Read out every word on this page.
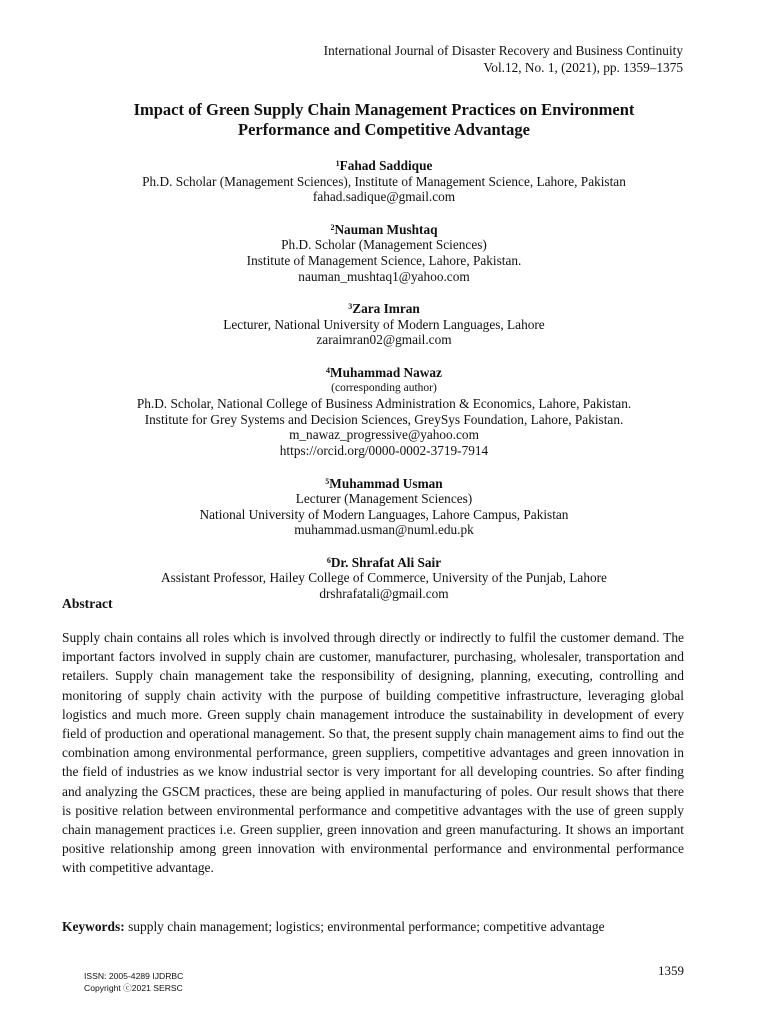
International Journal of Disaster Recovery and Business Continuity
Vol.12, No. 1, (2021), pp. 1359–1375
Impact of Green Supply Chain Management Practices on Environment
Performance and Competitive Advantage
$^1$Fahad Saddique
Ph.D. Scholar (Management Sciences), Institute of Management Science, Lahore, Pakistan
fahad.sadique@gmail.com
$^2$Nauman Mushtaq
Ph.D. Scholar (Management Sciences)
Institute of Management Science, Lahore, Pakistan.
nauman_mushtaq1@yahoo.com
$^3$Zara Imran
Lecturer, National University of Modern Languages, Lahore
zaraimran02@gmail.com
$^4$Muhammad Nawaz
(corresponding author)
Ph.D. Scholar, National College of Business Administration & Economics, Lahore, Pakistan.
Institute for Grey Systems and Decision Sciences, GreySys Foundation, Lahore, Pakistan.
m_nawaz_progressive@yahoo.com
https://orcid.org/0000-0002-3719-7914
$^5$Muhammad Usman
Lecturer (Management Sciences)
National University of Modern Languages, Lahore Campus, Pakistan
muhammad.usman@numl.edu.pk
$^6$Dr. Shrafat Ali Sair
Assistant Professor, Hailey College of Commerce, University of the Punjab, Lahore
drshrafatali@gmail.com
Abstract
Supply chain contains all roles which is involved through directly or indirectly to fulfil the customer demand. The important factors involved in supply chain are customer, manufacturer, purchasing, wholesaler, transportation and retailers. Supply chain management take the responsibility of designing, planning, executing, controlling and monitoring of supply chain activity with the purpose of building competitive infrastructure, leveraging global logistics and much more. Green supply chain management introduce the sustainability in development of every field of production and operational management. So that, the present supply chain management aims to find out the combination among environmental performance, green suppliers, competitive advantages and green innovation in the field of industries as we know industrial sector is very important for all developing countries. So after finding and analyzing the GSCM practices, these are being applied in manufacturing of poles. Our result shows that there is positive relation between environmental performance and competitive advantages with the use of green supply chain management practices i.e. Green supplier, green innovation and green manufacturing. It shows an important positive relationship among green innovation with environmental performance and environmental performance with competitive advantage.
Keywords: supply chain management; logistics; environmental performance; competitive advantage
ISSN: 2005-4289 IJDRBC
Copyright ⓒ2021 SERSC
1359
